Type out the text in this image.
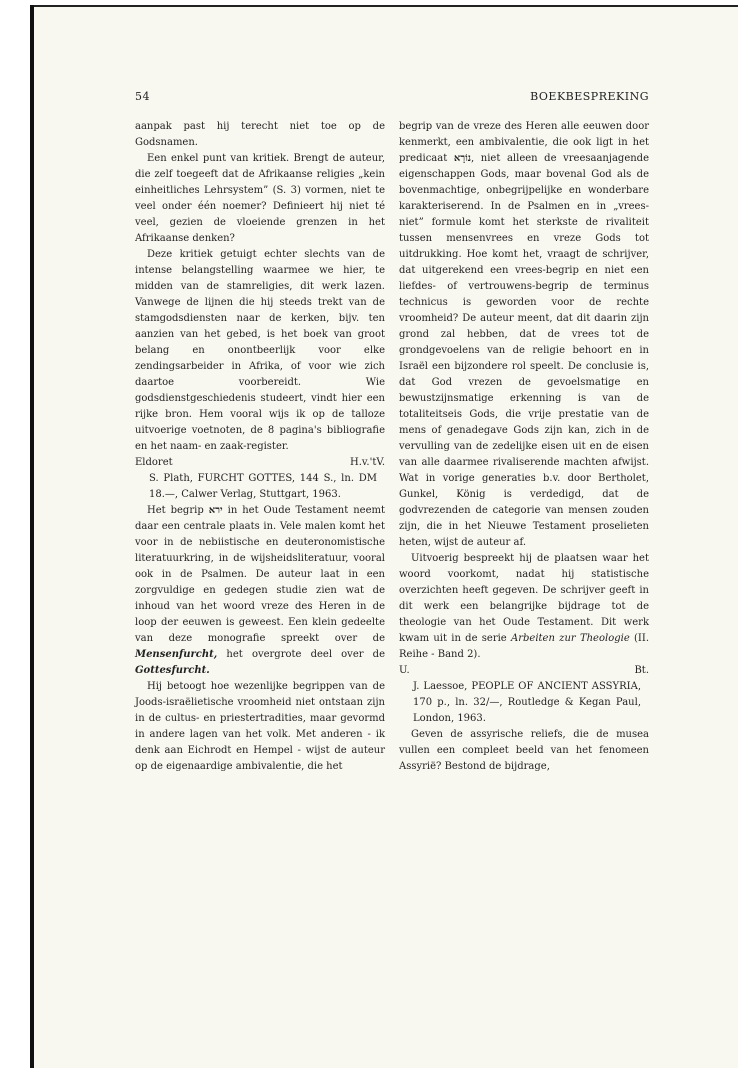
54	BOEKBESPREKING

aanpak past hij terecht niet toe op de Godsnamen.

Een enkel punt van kritiek. Brengt de auteur, die zelf toegeeft dat de Afrikaanse religies „kein einheitliches Lehrsystem” (S. 3) vormen, niet te veel onder één noemer? Definieert hij niet té veel, gezien de vloeiende grenzen in het Afrikaanse denken?

Deze kritiek getuigt echter slechts van de intense belangstelling waarmee we hier, te midden van de stamreligies, dit werk lazen. Vanwege de lijnen die hij steeds trekt van de stamgodsdiensten naar de kerken, bijv. ten aanzien van het gebed, is het boek van groot belang en onontbeerlijk voor elke zendingsarbeider in Afrika, of voor wie zich daartoe voorbereidt. Wie godsdienstgeschiedenis studeert, vindt hier een rijke bron. Hem vooral wijs ik op de talloze uitvoerige voetnoten, de 8 pagina's bibliografie en het naam- en zaak-register.

Eldoret	H.v.'tV.

S. Plath, FURCHT GOTTES, 144 S., ln. DM 18.—, Calwer Verlag, Stuttgart, 1963.

Het begrip ירא in het Oude Testament neemt daar een centrale plaats in. Vele malen komt het voor in de nebiistische en deuteronomistische literatuurkring, in de wijsheidsliteratuur, vooral ook in de Psalmen. De auteur laat in een zorgvuldige en gedegen studie zien wat de inhoud van het woord vreze des Heren in de loop der eeuwen is geweest. Een klein gedeelte van deze monografie spreekt over de Mensenfurcht, het overgrote deel over de Gottesfurcht.

Hij betoogt hoe wezenlijke begrippen van de Joods-israëlietische vroomheid niet ontstaan zijn in de cultus- en priestertradities, maar gevormd in andere lagen van het volk. Met anderen - ik denk aan Eichrodt en Hempel - wijst de auteur op de eigenaardige ambivalentie, die het

begrip van de vreze des Heren alle eeuwen door kenmerkt, een ambivalentie, die ook ligt in het predicaat נוֹרָא, niet alleen de vreesaanjagende eigenschappen Gods, maar bovenal God als de bovenmachtige, onbegrijpelijke en wonderbare karakteriserend. In de Psalmen en in „vrees-niet” formule komt het sterkste de rivaliteit tussen mensenvrees en vreze Gods tot uitdrukking. Hoe komt het, vraagt de schrijver, dat uitgerekend een vrees-begrip en niet een liefdes- of vertrouwens-begrip de terminus technicus is geworden voor de rechte vroomheid? De auteur meent, dat dit daarin zijn grond zal hebben, dat de vrees tot de grondgevoelens van de religie behoort en in Israël een bijzondere rol speelt. De conclusie is, dat God vrezen de gevoelsmatige en bewustzijnsmatige erkenning is van de totaliteitseis Gods, die vrije prestatie van de mens of genadegave Gods zijn kan, zich in de vervulling van de zedelijke eisen uit en de eisen van alle daarmee rivaliserende machten afwijst. Wat in vorige generaties b.v. door Bertholet, Gunkel, König is verdedigd, dat de godvrezenden de categorie van mensen zouden zijn, die in het Nieuwe Testament proselieten heten, wijst de auteur af.

Uitvoerig bespreekt hij de plaatsen waar het woord voorkomt, nadat hij statistische overzichten heeft gegeven. De schrijver geeft in dit werk een belangrijke bijdrage tot de theologie van het Oude Testament. Dit werk kwam uit in de serie Arbeiten zur Theologie (II. Reihe - Band 2).

U.	Bt.

J. Laessoe, PEOPLE OF ANCIENT ASSYRIA, 170 p., ln. 32/—, Routledge & Kegan Paul, London, 1963.

Geven de assyrische reliefs, die de musea vullen een compleet beeld van het fenomeen Assyrië? Bestond de bijdrage,
